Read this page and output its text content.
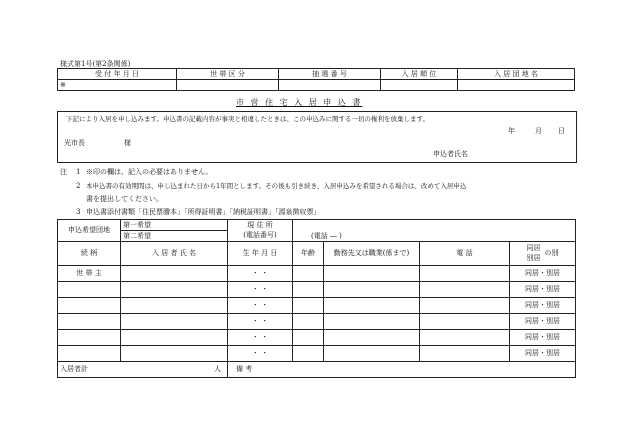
様式第1号(第2条関係)
受 付 年 月 日	世 帯 区 分	抽 選 番 号	入 居 順 位	入 居 団 地 名
※				
市 営 住 宅 入 居 申 込 書
下記により入居を申し込みます。申込書の記載内容が事実と相違したときは、この申込みに関する一切の権利を放棄します。
年	月 日
光市長	様
申込者氏名
注 1 ※印の欄は、記入の必要はありません。
2 本申込書の有効期間は、申し込まれた日から1年間とします。その後も引き続き、入居申込みを希望される場合は、改めて入居申込
書を提出してください。
3 申込書添付書類「住民票謄本」「所得証明書」「納税証明書」「源泉徴収票」
申込希望団地	第一希望	現 住 所
(電話番号)	(電話 ― )			
	第二希望					
続 柄	入 居 者 氏 名	生 年 月 日	年齢	勤務先又は職業(係まで)	電 話	同居
別居
の別

世 帯 主		・ ・				同居・別居
		・ ・				同居・別居
		・ ・				同居・別居
		・ ・				同居・別居
		・ ・				同居・別居
		・ ・				同居・別居
入居者計 人		備 考				
